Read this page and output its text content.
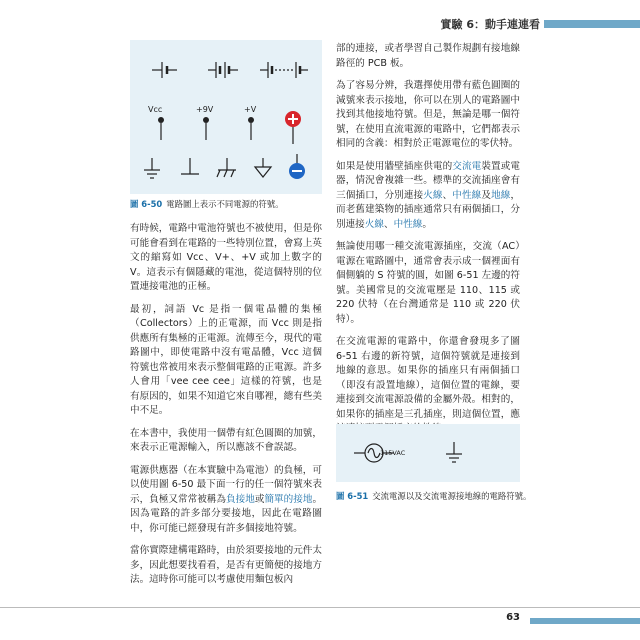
實驗 6：動手連連看
Vcc	+9V	+V
圖 6-50 電路圖上表示不同電源的符號。

有時候，電路中電池符號也不被使用，但是你可能會看到在電路的一些特別位置，會寫上英文的縮寫如 Vcc、V+、+V 或加上數字的 V。這表示有個隱藏的電池，從這個特別的位置連接電池的正極。

最初，詞語 Vc 是指一個電晶體的集極（Collectors）上的正電源，而 Vcc 則是指供應所有集極的正電源。流傳至今，現代的電路圖中，即使電路中沒有電晶體，Vcc 這個符號也常被用來表示整個電路的正電源。許多人會用「vee cee cee」這樣的符號，也是有原因的，如果不知道它來自哪裡，總有些美中不足。

在本書中，我使用一個帶有紅色圓圈的加號，來表示正電源輸入，所以應該不會誤認。

電源供應器（在本實驗中為電池）的負極，可以使用圖 6-50 最下面一行的任一個符號來表示，負極又常常被稱為負接地或簡單的接地。因為電路的許多部分要接地，因此在電路圖中，你可能已經發現有許多個接地符號。

當你實際建構電路時，由於須要接地的元件太多，因此想要找看看，是否有更簡便的接地方法。這時你可能可以考慮使用麵包板內

部的連接，或者學習自己製作規劃有接地線路徑的 PCB 板。

為了容易分辨，我選擇使用帶有藍色圓圈的減號來表示接地，你可以在別人的電路圖中找到其他接地符號。但是，無論是哪一個符號，在使用直流電源的電路中，它們都表示相同的含義：相對於正電源電位的零伏特。

如果是使用牆壁插座供電的交流電裝置或電器，情況會複雜一些。標準的交流插座會有三個插口，分別連接火線、中性線及地線，而老舊建築物的插座通常只有兩個插口，分別連接火線、中性線。

無論使用哪一種交流電源插座，交流（AC）電源在電路圖中，通常會表示成一個裡面有個側躺的 S 符號的圓，如圖 6-51 左邊的符號。美國常見的交流電壓是 110、115 或 220 伏特（在台灣通常是 110 或 220 伏特）。

在交流電源的電路中，你還會發現多了圖 6-51 右邊的新符號，這個符號就是連接到地線的意思。如果你的插座只有兩個插口（即沒有設置地線），這個位置的電線，要連接到交流電源設備的金屬外殼。相對的，如果你的插座是三孔插座，則這個位置，應

115VAC
圖 6-51 交流電源以及交流電源接地線的電路符號。
63
